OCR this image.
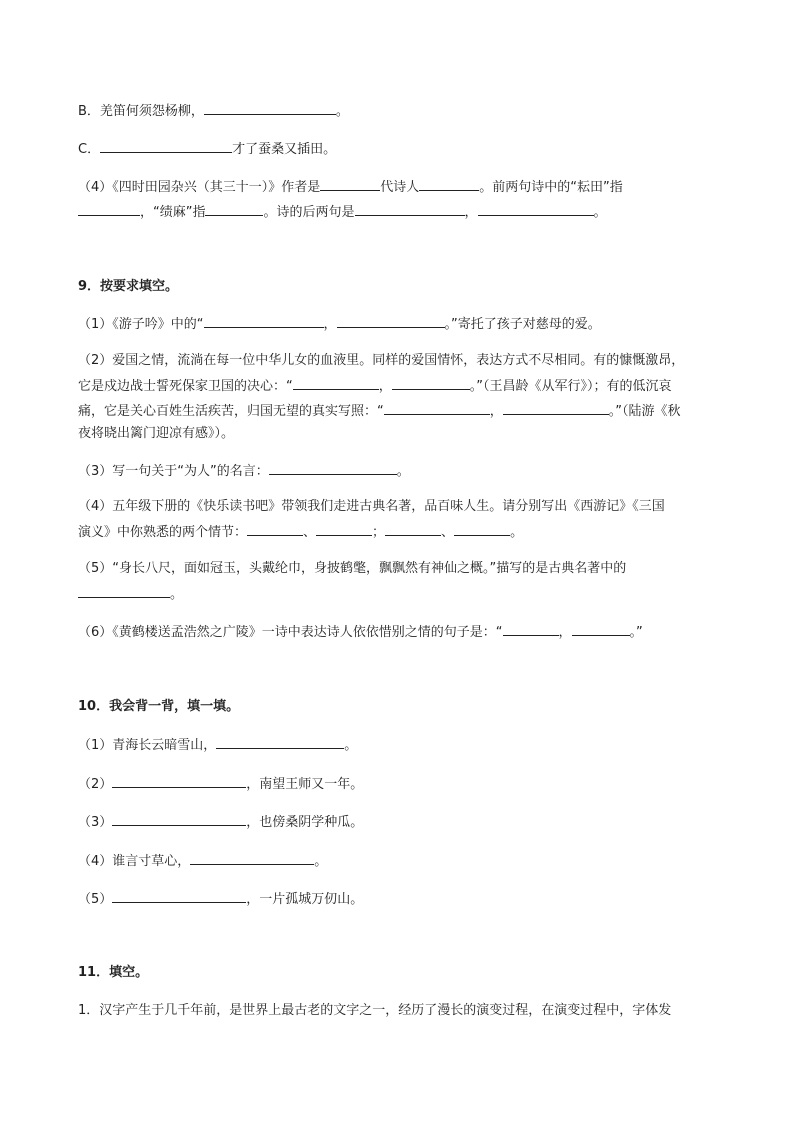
B．羌笛何须怨杨柳，	。
C．	才了蚕桑又插田。
（4）《四时田园杂兴（其三十一）》作者是	代诗人	。前两句诗中的“耘田”指
，“绩麻”指	。诗的后两句是	，	。
9．按要求填空。
（1）《游子吟》中的“	，	。”寄托了孩子对慈母的爱。
（2）爱国之情，流淌在每一位中华儿女的血液里。同样的爱国情怀，表达方式不尽相同。有的慷慨激昂，
它是戍边战士誓死保家卫国的决心：“	，	。”（王昌龄《从军行》）；有的低沉哀
痛，它是关心百姓生活疾苦，归国无望的真实写照：“	，	。”（陆游《秋
夜将晓出篱门迎凉有感》）。
（3）写一句关于“为人”的名言：	。
（4）五年级下册的《快乐读书吧》带领我们走进古典名著，品百味人生。请分别写出《西游记》《三国
演义》中你熟悉的两个情节：	、	；	、	。
（5）“身长八尺，面如冠玉，头戴纶巾，身披鹤氅，飘飘然有神仙之概。”描写的是古典名著中的
。
（6）《黄鹤楼送孟浩然之广陵》一诗中表达诗人依依惜别之情的句子是：“	，	。”
10．我会背一背，填一填。
（1）青海长云暗雪山，	。
（2）	，南望王师又一年。
（3）	，也傍桑阴学种瓜。
（4）谁言寸草心，	。
（5）	，一片孤城万仞山。
11．填空。
1．汉字产生于几千年前，是世界上最古老的文字之一，经历了漫长的演变过程，在演变过程中，字体发
